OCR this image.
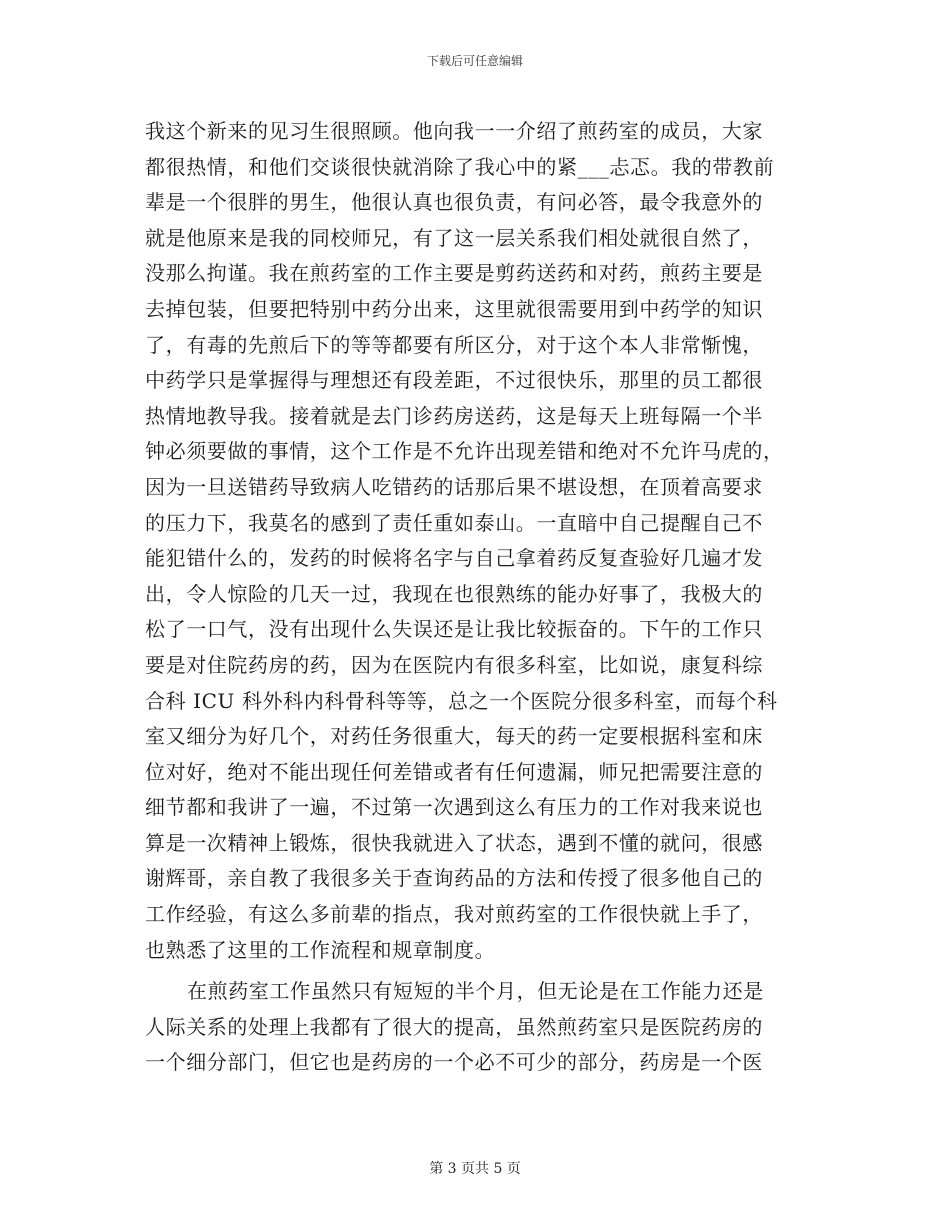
下载后可任意编辑
我这个新来的见习生很照顾。他向我一一介绍了煎药室的成员，大家
都很热情，和他们交谈很快就消除了我心中的紧___忐忑。我的带教前
辈是一个很胖的男生，他很认真也很负责，有问必答，最令我意外的
就是他原来是我的同校师兄，有了这一层关系我们相处就很自然了，
没那么拘谨。我在煎药室的工作主要是剪药送药和对药，煎药主要是
去掉包装，但要把特别中药分出来，这里就很需要用到中药学的知识
了，有毒的先煎后下的等等都要有所区分，对于这个本人非常惭愧，
中药学只是掌握得与理想还有段差距，不过很快乐，那里的员工都很
热情地教导我。接着就是去门诊药房送药，这是每天上班每隔一个半
钟必须要做的事情，这个工作是不允许出现差错和绝对不允许马虎的，
因为一旦送错药导致病人吃错药的话那后果不堪设想，在顶着高要求
的压力下，我莫名的感到了责任重如泰山。一直暗中自己提醒自己不
能犯错什么的，发药的时候将名字与自己拿着药反复查验好几遍才发
出，令人惊险的几天一过，我现在也很熟练的能办好事了，我极大的
松了一口气，没有出现什么失误还是让我比较振奋的。下午的工作只
要是对住院药房的药，因为在医院内有很多科室，比如说，康复科综
合科 ICU 科外科内科骨科等等，总之一个医院分很多科室，而每个科
室又细分为好几个，对药任务很重大，每天的药一定要根据科室和床
位对好，绝对不能出现任何差错或者有任何遗漏，师兄把需要注意的
细节都和我讲了一遍，不过第一次遇到这么有压力的工作对我来说也
算是一次精神上锻炼，很快我就进入了状态，遇到不懂的就问，很感
谢辉哥，亲自教了我很多关于查询药品的方法和传授了很多他自己的
工作经验，有这么多前辈的指点，我对煎药室的工作很快就上手了，
也熟悉了这里的工作流程和规章制度。
在煎药室工作虽然只有短短的半个月，但无论是在工作能力还是
人际关系的处理上我都有了很大的提高，虽然煎药室只是医院药房的
一个细分部门，但它也是药房的一个必不可少的部分，药房是一个医
第 3 页共 5 页
